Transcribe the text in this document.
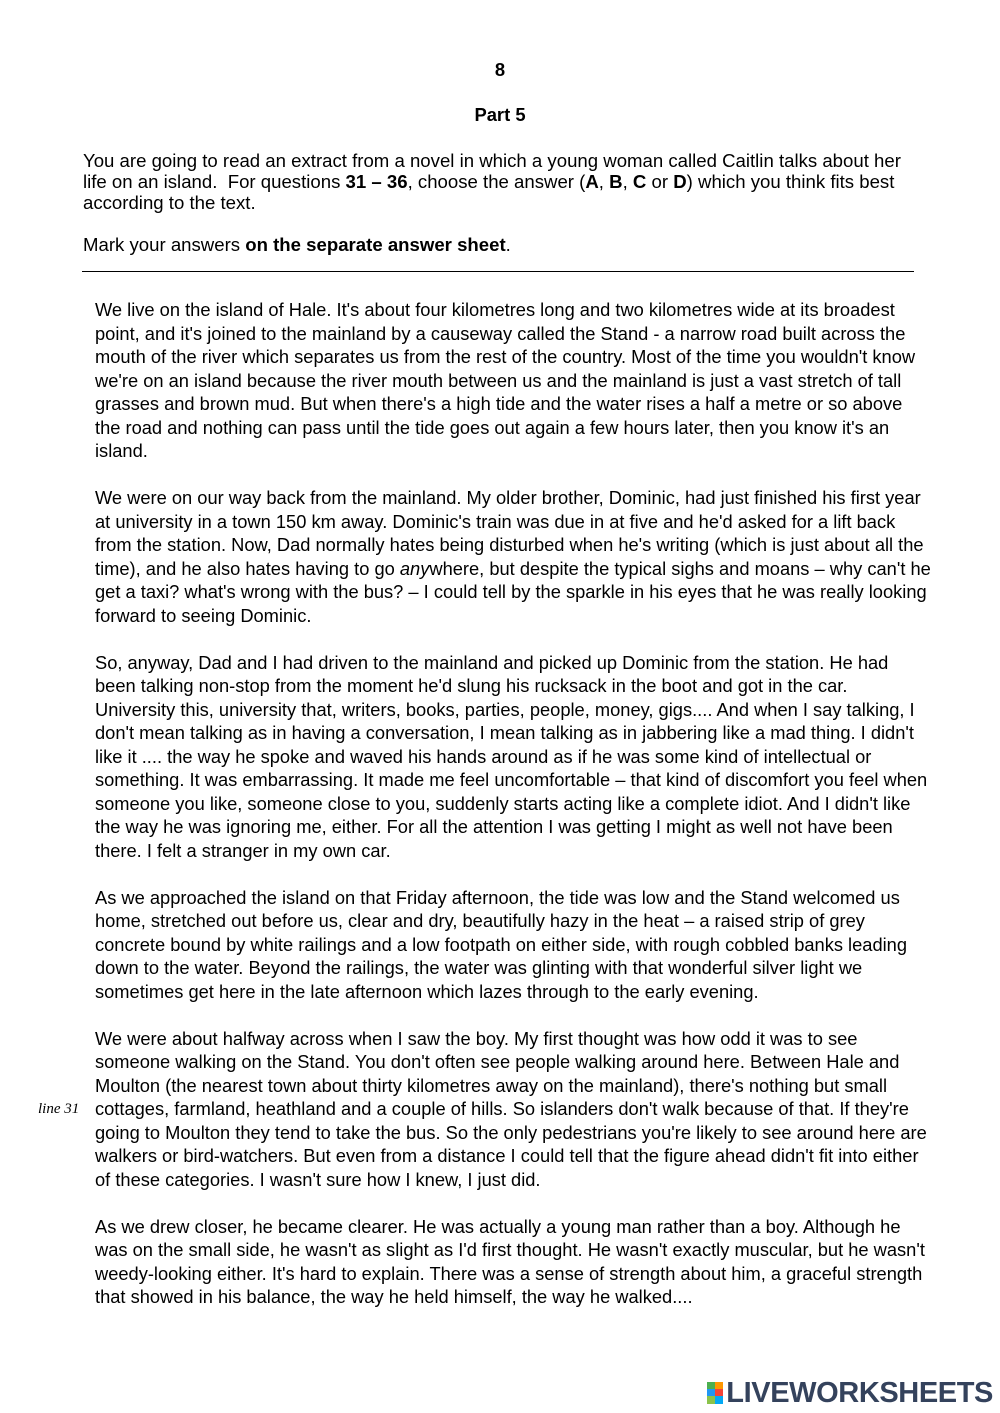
8
Part 5
You are going to read an extract from a novel in which a young woman called Caitlin talks about her
life on an island.  For questions 31 – 36, choose the answer (A, B, C or D) which you think fits best
according to the text.
Mark your answers on the separate answer sheet.
We live on the island of Hale. It's about four kilometres long and two kilometres wide at its broadest
point, and it's joined to the mainland by a causeway called the Stand - a narrow road built across the
mouth of the river which separates us from the rest of the country. Most of the time you wouldn't know
we're on an island because the river mouth between us and the mainland is just a vast stretch of tall
grasses and brown mud. But when there's a high tide and the water rises a half a metre or so above
the road and nothing can pass until the tide goes out again a few hours later, then you know it's an
island.
We were on our way back from the mainland. My older brother, Dominic, had just finished his first year
at university in a town 150 km away. Dominic's train was due in at five and he'd asked for a lift back
from the station. Now, Dad normally hates being disturbed when he's writing (which is just about all the
time), and he also hates having to go anywhere, but despite the typical sighs and moans – why can't he
get a taxi? what's wrong with the bus? – I could tell by the sparkle in his eyes that he was really looking
forward to seeing Dominic.
So, anyway, Dad and I had driven to the mainland and picked up Dominic from the station. He had
been talking non-stop from the moment he'd slung his rucksack in the boot and got in the car.
University this, university that, writers, books, parties, people, money, gigs.... And when I say talking, I
don't mean talking as in having a conversation, I mean talking as in jabbering like a mad thing. I didn't
like it .... the way he spoke and waved his hands around as if he was some kind of intellectual or
something. It was embarrassing. It made me feel uncomfortable – that kind of discomfort you feel when
someone you like, someone close to you, suddenly starts acting like a complete idiot. And I didn't like
the way he was ignoring me, either. For all the attention I was getting I might as well not have been
there. I felt a stranger in my own car.
As we approached the island on that Friday afternoon, the tide was low and the Stand welcomed us
home, stretched out before us, clear and dry, beautifully hazy in the heat – a raised strip of grey
concrete bound by white railings and a low footpath on either side, with rough cobbled banks leading
down to the water. Beyond the railings, the water was glinting with that wonderful silver light we
sometimes get here in the late afternoon which lazes through to the early evening.
We were about halfway across when I saw the boy. My first thought was how odd it was to see
someone walking on the Stand. You don't often see people walking around here. Between Hale and
Moulton (the nearest town about thirty kilometres away on the mainland), there's nothing but small
cottages, farmland, heathland and a couple of hills. So islanders don't walk because of that. If they're
going to Moulton they tend to take the bus. So the only pedestrians you're likely to see around here are
walkers or bird-watchers. But even from a distance I could tell that the figure ahead didn't fit into either
of these categories. I wasn't sure how I knew, I just did.
As we drew closer, he became clearer. He was actually a young man rather than a boy. Although he
was on the small side, he wasn't as slight as I'd first thought. He wasn't exactly muscular, but he wasn't
weedy-looking either. It's hard to explain. There was a sense of strength about him, a graceful strength
that showed in his balance, the way he held himself, the way he walked....
line 31
LIVEWORKSHEETS
